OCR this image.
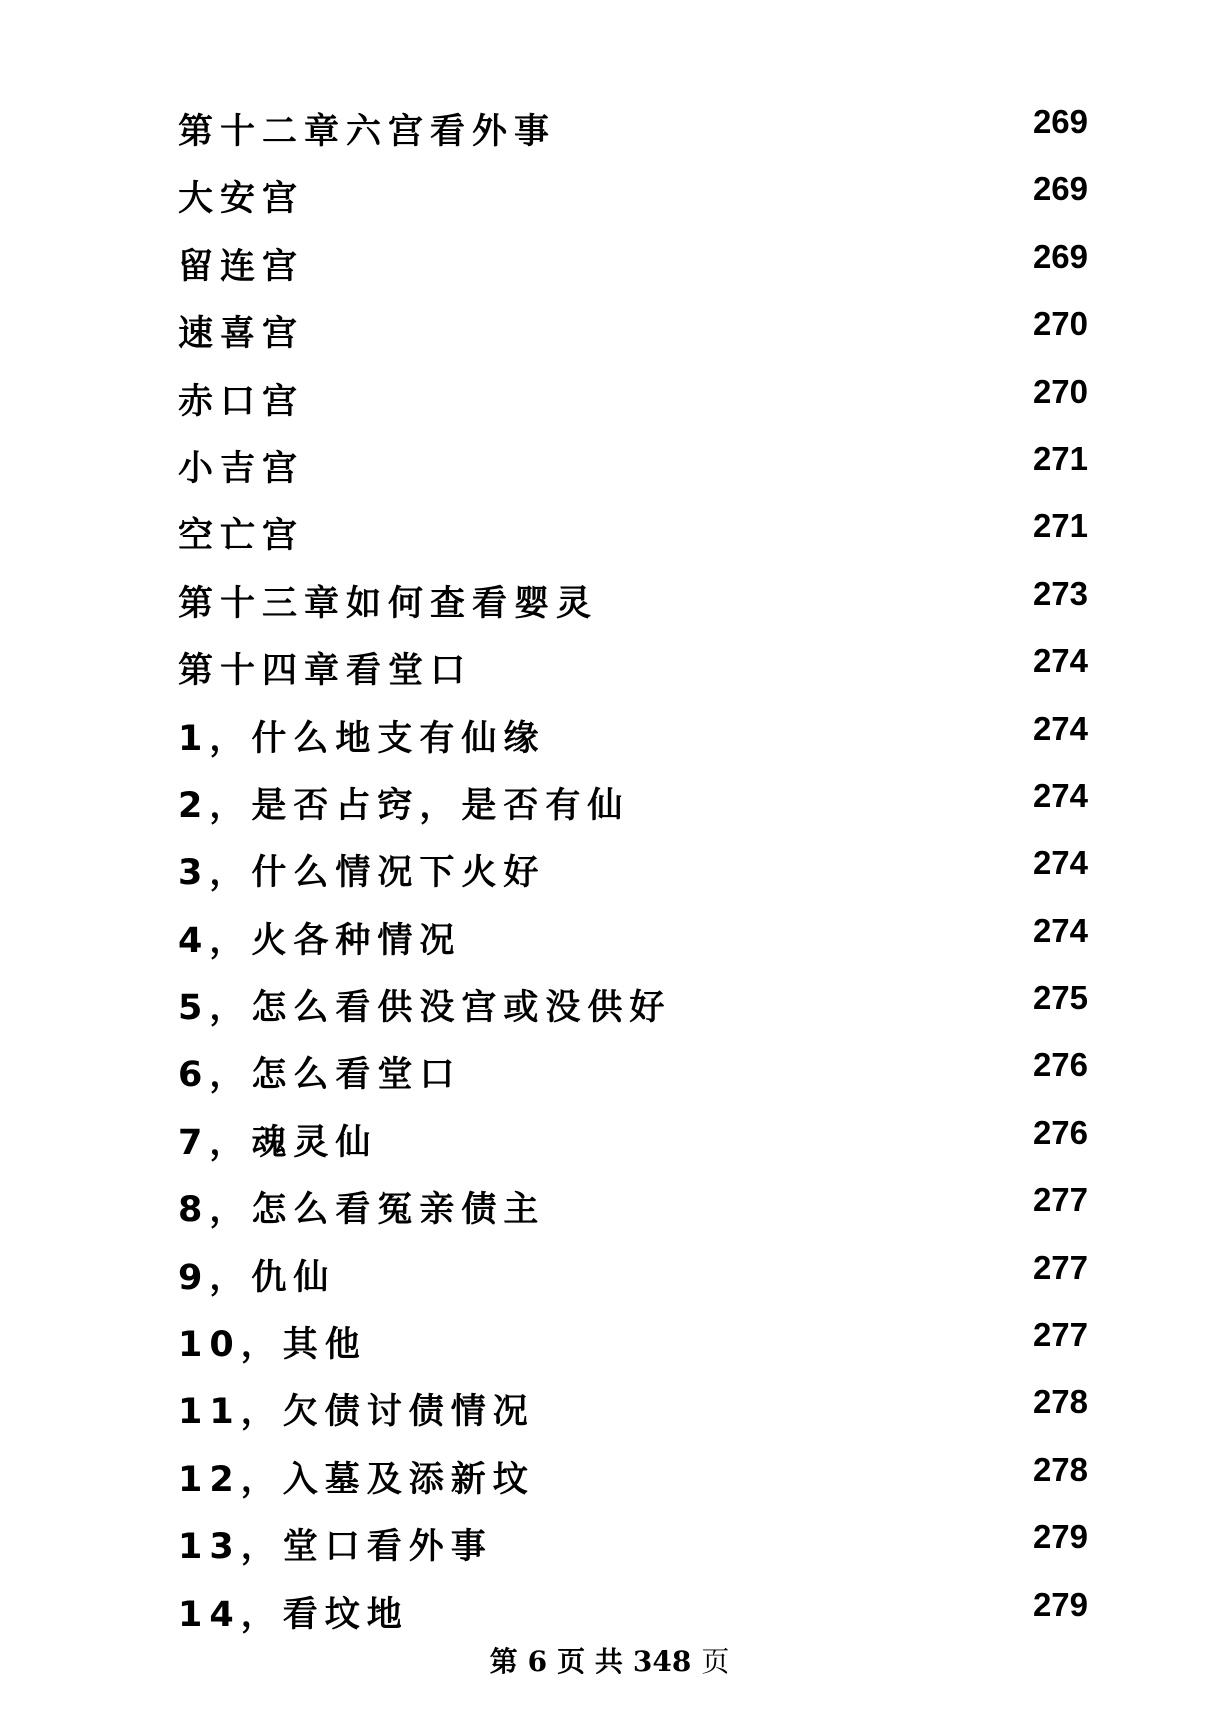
第十二章六宫看外事	269
大安宫	269
留连宫	269
速喜宫	270
赤口宫	270
小吉宫	271
空亡宫	271
第十三章如何查看婴灵	273
第十四章看堂口	274
1，什么地支有仙缘	274
2，是否占窍，是否有仙	274
3，什么情况下火好	274
4，火各种情况	274
5，怎么看供没宫或没供好	275
6，怎么看堂口	276
7，魂灵仙	276
8，怎么看冤亲债主	277
9，仇仙	277
10，其他	277
11，欠债讨债情况	278
12，入墓及添新坟	278
13，堂口看外事	279
14，看坟地	279
第 6 页 共 348 页
